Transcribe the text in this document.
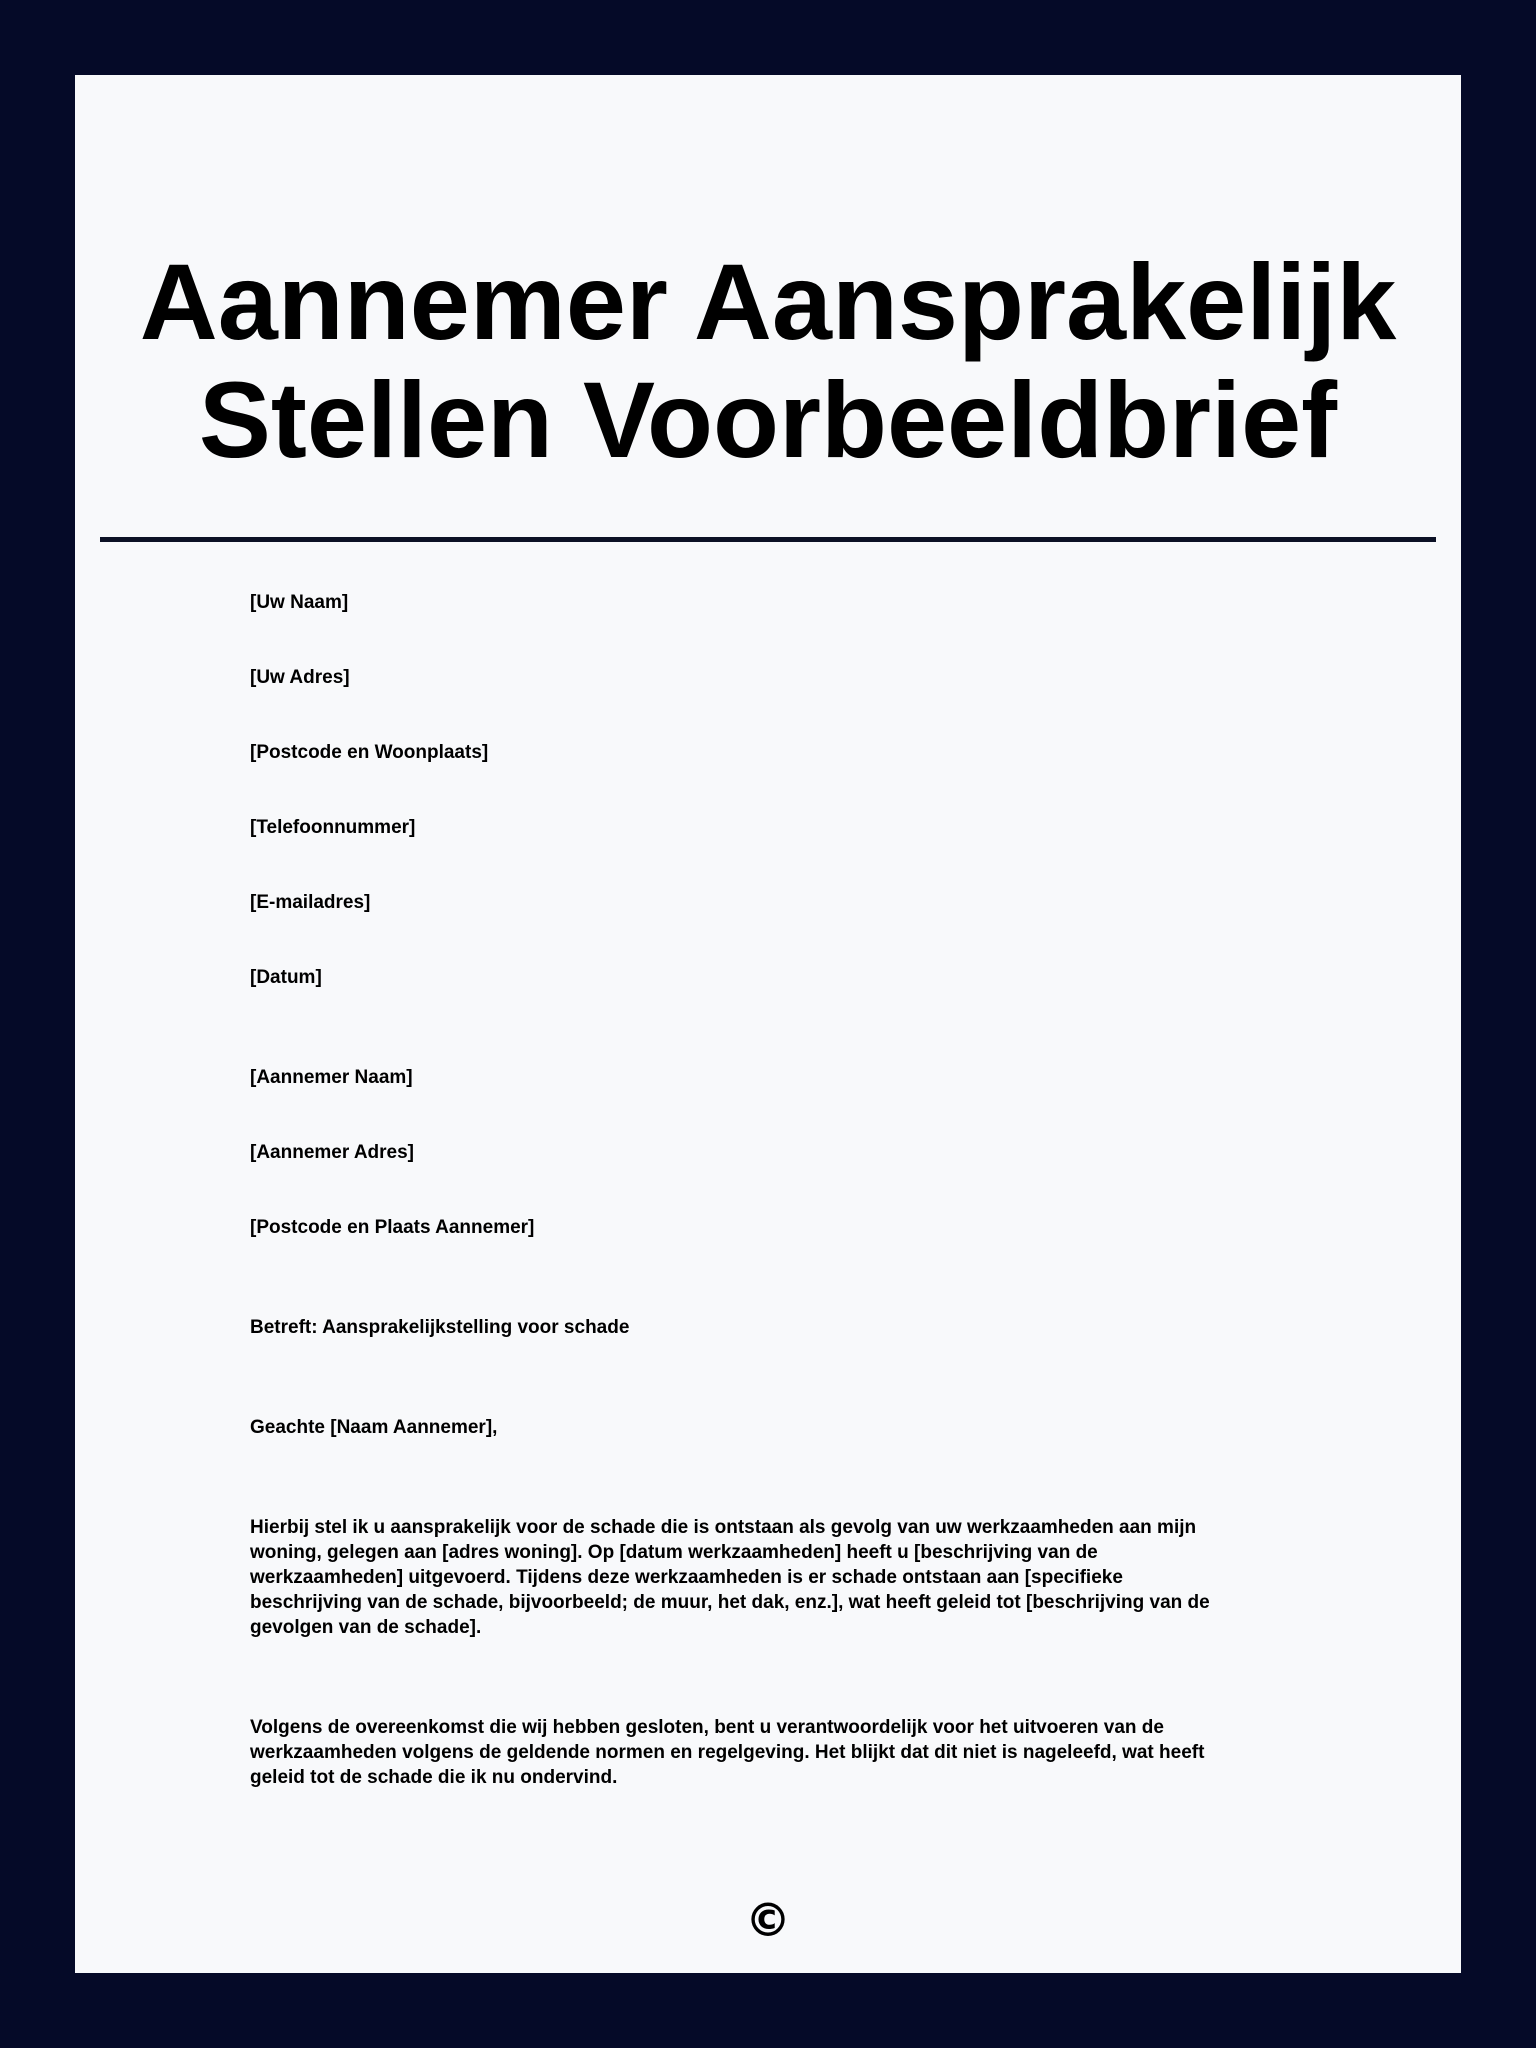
Aannemer Aansprakelijk
Stellen Voorbeeldbrief
[Uw Naam]
[Uw Adres]
[Postcode en Woonplaats]
[Telefoonnummer]
[E-mailadres]
[Datum]
[Aannemer Naam]
[Aannemer Adres]
[Postcode en Plaats Aannemer]
Betreft: Aansprakelijkstelling voor schade
Geachte [Naam Aannemer],
Hierbij stel ik u aansprakelijk voor de schade die is ontstaan als gevolg van uw werkzaamheden aan mijn
woning, gelegen aan [adres woning]. Op [datum werkzaamheden] heeft u [beschrijving van de
werkzaamheden] uitgevoerd. Tijdens deze werkzaamheden is er schade ontstaan aan [specifieke
beschrijving van de schade, bijvoorbeeld; de muur, het dak, enz.], wat heeft geleid tot [beschrijving van de
gevolgen van de schade].
Volgens de overeenkomst die wij hebben gesloten, bent u verantwoordelijk voor het uitvoeren van de
werkzaamheden volgens de geldende normen en regelgeving. Het blijkt dat dit niet is nageleefd, wat heeft
geleid tot de schade die ik nu ondervind.
©
